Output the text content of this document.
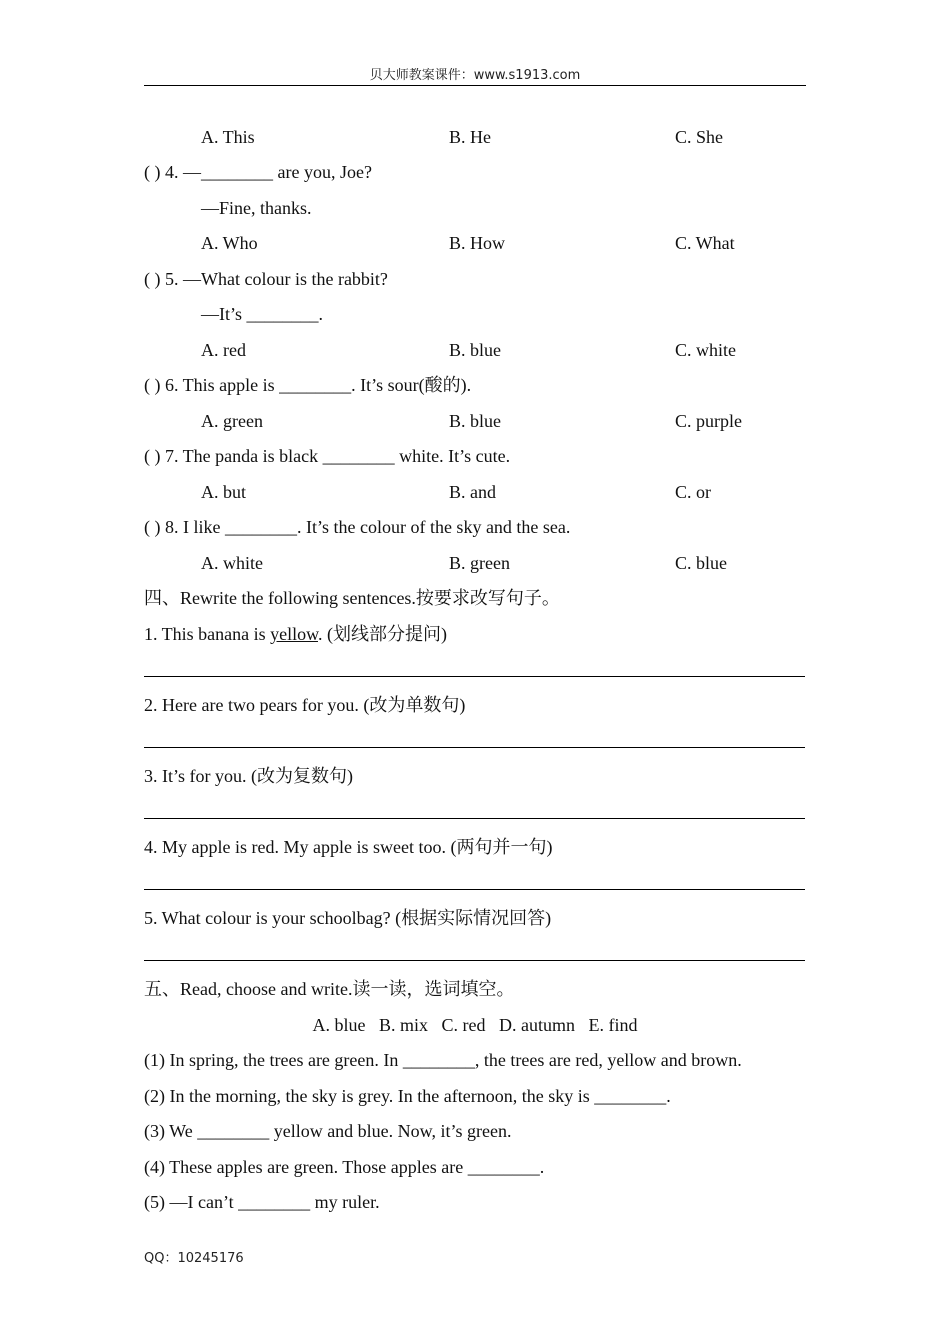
贝大师教案课件：www.s1913.com
A. This	B. He	C. She
( ) 4. —________ are you, Joe?
—Fine, thanks.
A. Who	B. How	C. What
( ) 5. —What colour is the rabbit?
—It’s ________.
A. red	B. blue	C. white
( ) 6. This apple is ________. It’s sour(酸的).
A. green	B. blue	C. purple
( ) 7. The panda is black ________ white. It’s cute.
A. but	B. and	C. or
( ) 8. I like ________. It’s the colour of the sky and the sea.
A. white	B. green	C. blue
四、Rewrite the following sentences.按要求改写句子。
1. This banana is yellow. (划线部分提问)
2. Here are two pears for you. (改为单数句)
3. It’s for you. (改为复数句)
4. My apple is red. My apple is sweet too. (两句并一句)
5. What colour is your schoolbag? (根据实际情况回答)
五、Read, choose and write.读一读，选词填空。
A. blue   B. mix   C. red   D. autumn   E. find
(1) In spring, the trees are green. In ________, the trees are red, yellow and brown.
(2) In the morning, the sky is grey. In the afternoon, the sky is ________.
(3) We ________ yellow and blue. Now, it’s green.
(4) These apples are green. Those apples are ________.
(5) —I can’t ________ my ruler.
QQ：10245176
